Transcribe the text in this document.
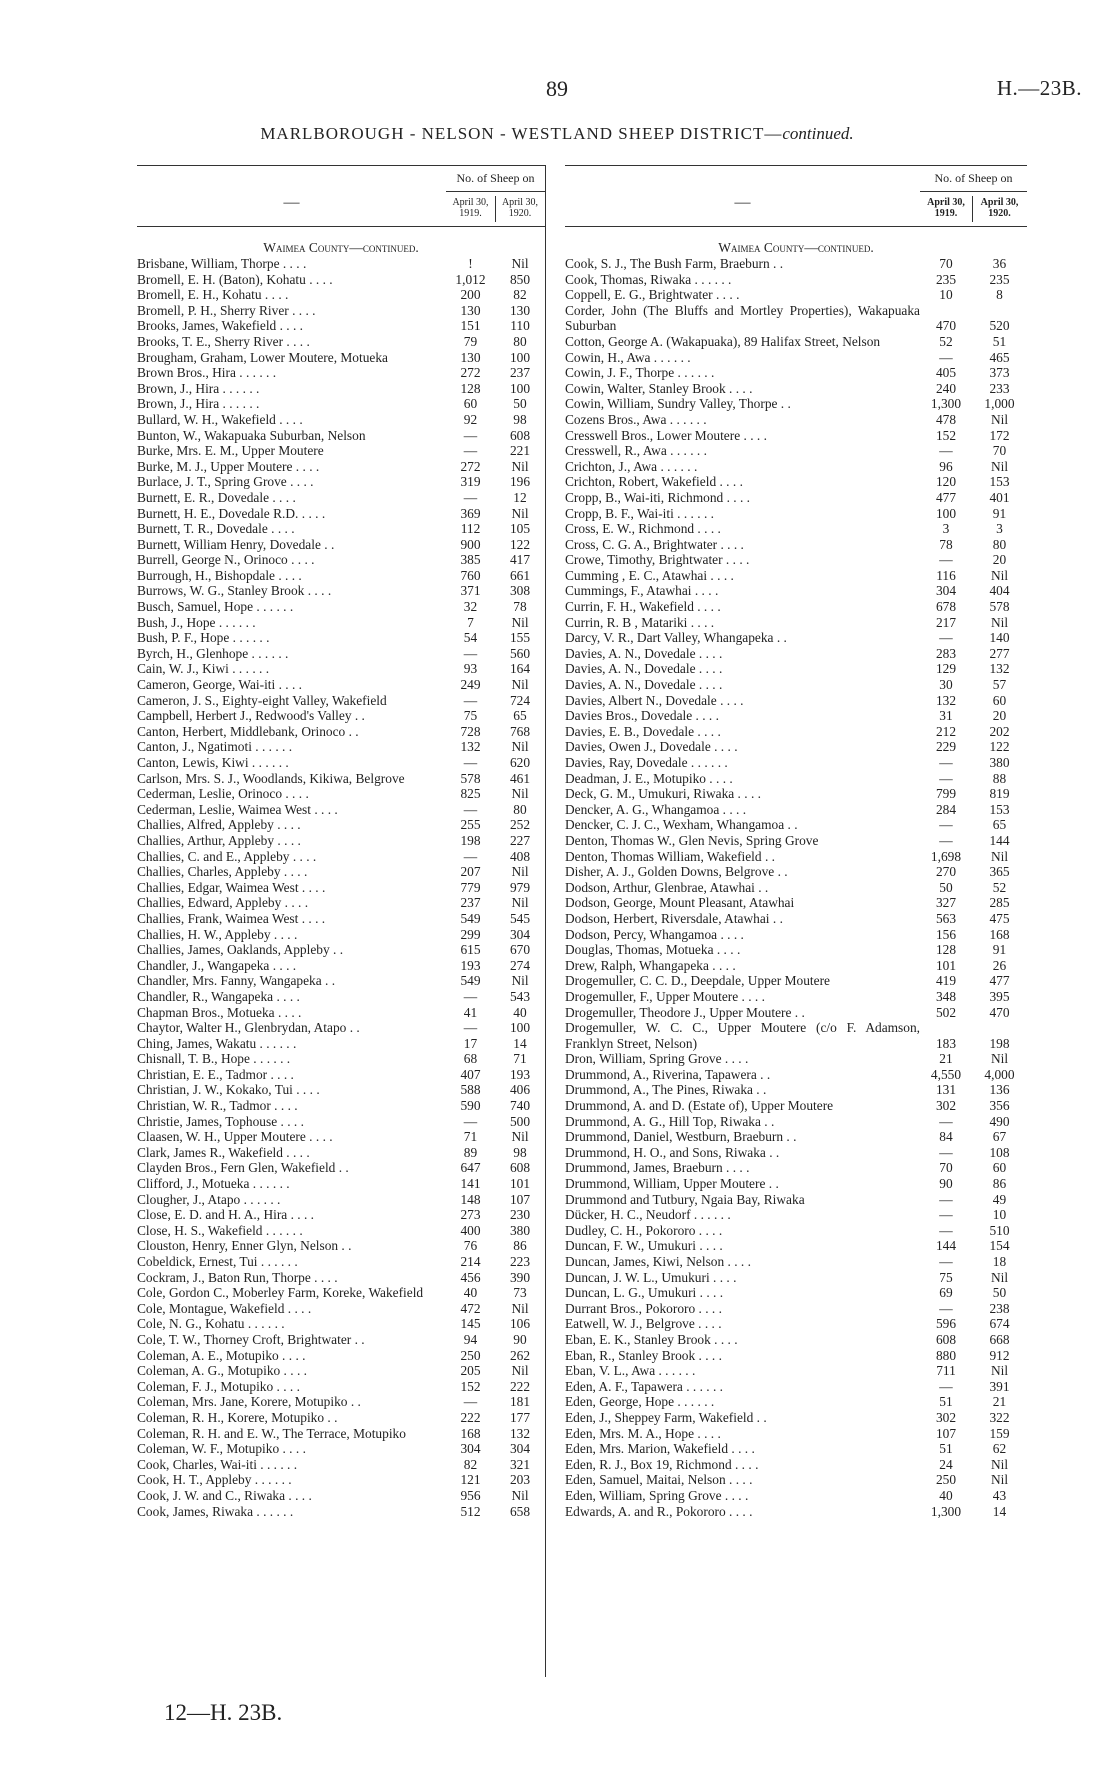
89	H.—23B.
MARLBOROUGH - NELSON - WESTLAND SHEEP DISTRICT—continued.
—
No. of Sheep on
April 30, 1919.
April 30, 1920.
Waimea County—continued.
Brisbane, William, Thorpe . . . .	!	Nil
Bromell, E. H. (Baton), Kohatu . . . .	1,012	850
Bromell, E. H., Kohatu . . . .	200	82
Bromell, P. H., Sherry River . . . .	130	130
Brooks, James, Wakefield . . . .	151	110
Brooks, T. E., Sherry River . . . .	79	80
Brougham, Graham, Lower Moutere, Motueka	130	100
Brown Bros., Hira . . . . . .	272	237
Brown, J., Hira . . . . . .	128	100
Brown, J., Hira . . . . . .	60	50
Bullard, W. H., Wakefield . . . .	92	98
Bunton, W., Wakapuaka Suburban, Nelson	—	608
Burke, Mrs. E. M., Upper Moutere	—	221
Burke, M. J., Upper Moutere . . . .	272	Nil
Burlace, J. T., Spring Grove . . . .	319	196
Burnett, E. R., Dovedale . . . .	—	12
Burnett, H. E., Dovedale R.D. . . . .	369	Nil
Burnett, T. R., Dovedale . . . .	112	105
Burnett, William Henry, Dovedale . .	900	122
Burrell, George N., Orinoco . . . .	385	417
Burrough, H., Bishopdale . . . .	760	661
Burrows, W. G., Stanley Brook . . . .	371	308
Busch, Samuel, Hope . . . . . .	32	78
Bush, J., Hope . . . . . .	7	Nil
Bush, P. F., Hope . . . . . .	54	155
Byrch, H., Glenhope . . . . . .	—	560
Cain, W. J., Kiwi . . . . . .	93	164
Cameron, George, Wai-iti . . . .	249	Nil
Cameron, J. S., Eighty-eight Valley, Wakefield	—	724
Campbell, Herbert J., Redwood's Valley . .	75	65
Canton, Herbert, Middlebank, Orinoco . .	728	768
Canton, J., Ngatimoti . . . . . .	132	Nil
Canton, Lewis, Kiwi . . . . . .	—	620
Carlson, Mrs. S. J., Woodlands, Kikiwa, Belgrove	578	461
Cederman, Leslie, Orinoco . . . .	825	Nil
Cederman, Leslie, Waimea West . . . .	—	80
Challies, Alfred, Appleby . . . .	255	252
Challies, Arthur, Appleby . . . .	198	227
Challies, C. and E., Appleby . . . .	—	408
Challies, Charles, Appleby . . . .	207	Nil
Challies, Edgar, Waimea West . . . .	779	979
Challies, Edward, Appleby . . . .	237	Nil
Challies, Frank, Waimea West . . . .	549	545
Challies, H. W., Appleby . . . .	299	304
Challies, James, Oaklands, Appleby . .	615	670
Chandler, J., Wangapeka . . . .	193	274
Chandler, Mrs. Fanny, Wangapeka . .	549	Nil
Chandler, R., Wangapeka . . . .	—	543
Chapman Bros., Motueka . . . .	41	40
Chaytor, Walter H., Glenbrydan, Atapo . .	—	100
Ching, James, Wakatu . . . . . .	17	14
Chisnall, T. B., Hope . . . . . .	68	71
Christian, E. E., Tadmor . . . .	407	193
Christian, J. W., Kokako, Tui . . . .	588	406
Christian, W. R., Tadmor . . . .	590	740
Christie, James, Tophouse . . . .	—	500
Claasen, W. H., Upper Moutere . . . .	71	Nil
Clark, James R., Wakefield . . . .	89	98
Clayden Bros., Fern Glen, Wakefield . .	647	608
Clifford, J., Motueka . . . . . .	141	101
Clougher, J., Atapo . . . . . .	148	107
Close, E. D. and H. A., Hira . . . .	273	230
Close, H. S., Wakefield . . . . . .	400	380
Clouston, Henry, Enner Glyn, Nelson . .	76	86
Cobeldick, Ernest, Tui . . . . . .	214	223
Cockram, J., Baton Run, Thorpe . . . .	456	390
Cole, Gordon C., Moberley Farm, Koreke, Wakefield	40	73
Cole, Montague, Wakefield . . . .	472	Nil
Cole, N. G., Kohatu . . . . . .	145	106
Cole, T. W., Thorney Croft, Brightwater . .	94	90
Coleman, A. E., Motupiko . . . .	250	262
Coleman, A. G., Motupiko . . . .	205	Nil
Coleman, F. J., Motupiko . . . .	152	222
Coleman, Mrs. Jane, Korere, Motupiko . .	—	181
Coleman, R. H., Korere, Motupiko . .	222	177
Coleman, R. H. and E. W., The Terrace, Motupiko	168	132
Coleman, W. F., Motupiko . . . .	304	304
Cook, Charles, Wai-iti . . . . . .	82	321
Cook, H. T., Appleby . . . . . .	121	203
Cook, J. W. and C., Riwaka . . . .	956	Nil
Cook, James, Riwaka . . . . . .	512	658
—
No. of Sheep on
April 30, 1919.
April 30, 1920.
Waimea County—continued.
Cook, S. J., The Bush Farm, Braeburn . .	70	36
Cook, Thomas, Riwaka . . . . . .	235	235
Coppell, E. G., Brightwater . . . .	10	8
Corder, John (The Bluffs and Mortley Properties), Wakapuaka Suburban	470	520
Cotton, George A. (Wakapuaka), 89 Halifax Street, Nelson	52	51
Cowin, H., Awa . . . . . .	—	465
Cowin, J. F., Thorpe . . . . . .	405	373
Cowin, Walter, Stanley Brook . . . .	240	233
Cowin, William, Sundry Valley, Thorpe . .	1,300	1,000
Cozens Bros., Awa . . . . . .	478	Nil
Cresswell Bros., Lower Moutere . . . .	152	172
Cresswell, R., Awa . . . . . .	—	70
Crichton, J., Awa . . . . . .	96	Nil
Crichton, Robert, Wakefield . . . .	120	153
Cropp, B., Wai-iti, Richmond . . . .	477	401
Cropp, B. F., Wai-iti . . . . . .	100	91
Cross, E. W., Richmond . . . .	3	3
Cross, C. G. A., Brightwater . . . .	78	80
Crowe, Timothy, Brightwater . . . .	—	20
Cumming , E. C., Atawhai . . . .	116	Nil
Cummings, F., Atawhai . . . .	304	404
Currin, F. H., Wakefield . . . .	678	578
Currin, R. B , Matariki . . . .	217	Nil
Darcy, V. R., Dart Valley, Whangapeka . .	—	140
Davies, A. N., Dovedale . . . .	283	277
Davies, A. N., Dovedale . . . .	129	132
Davies, A. N., Dovedale . . . .	30	57
Davies, Albert N., Dovedale . . . .	132	60
Davies Bros., Dovedale . . . .	31	20
Davies, E. B., Dovedale . . . .	212	202
Davies, Owen J., Dovedale . . . .	229	122
Davies, Ray, Dovedale . . . . . .	—	380
Deadman, J. E., Motupiko . . . .	—	88
Deck, G. M., Umukuri, Riwaka . . . .	799	819
Dencker, A. G., Whangamoa . . . .	284	153
Dencker, C. J. C., Wexham, Whangamoa . .	—	65
Denton, Thomas W., Glen Nevis, Spring Grove	—	144
Denton, Thomas William, Wakefield . .	1,698	Nil
Disher, A. J., Golden Downs, Belgrove . .	270	365
Dodson, Arthur, Glenbrae, Atawhai . .	50	52
Dodson, George, Mount Pleasant, Atawhai	327	285
Dodson, Herbert, Riversdale, Atawhai . .	563	475
Dodson, Percy, Whangamoa . . . .	156	168
Douglas, Thomas, Motueka . . . .	128	91
Drew, Ralph, Whangapeka . . . .	101	26
Drogemuller, C. C. D., Deepdale, Upper Moutere	419	477
Drogemuller, F., Upper Moutere . . . .	348	395
Drogemuller, Theodore J., Upper Moutere . .	502	470
Drogemuller, W. C. C., Upper Moutere (c/o F. Adamson, Franklyn Street, Nelson)	183	198
Dron, William, Spring Grove . . . .	21	Nil
Drummond, A., Riverina, Tapawera . .	4,550	4,000
Drummond, A., The Pines, Riwaka . .	131	136
Drummond, A. and D. (Estate of), Upper Moutere	302	356
Drummond, A. G., Hill Top, Riwaka . .	—	490
Drummond, Daniel, Westburn, Braeburn . .	84	67
Drummond, H. O., and Sons, Riwaka . .	—	108
Drummond, James, Braeburn . . . .	70	60
Drummond, William, Upper Moutere . .	90	86
Drummond and Tutbury, Ngaia Bay, Riwaka	—	49
Dücker, H. C., Neudorf . . . . . .	—	10
Dudley, C. H., Pokororo . . . .	—	510
Duncan, F. W., Umukuri . . . .	144	154
Duncan, James, Kiwi, Nelson . . . .	—	18
Duncan, J. W. L., Umukuri . . . .	75	Nil
Duncan, L. G., Umukuri . . . .	69	50
Durrant Bros., Pokororo . . . .	—	238
Eatwell, W. J., Belgrove . . . .	596	674
Eban, E. K., Stanley Brook . . . .	608	668
Eban, R., Stanley Brook . . . .	880	912
Eban, V. L., Awa . . . . . .	711	Nil
Eden, A. F., Tapawera . . . . . .	—	391
Eden, George, Hope . . . . . .	51	21
Eden, J., Sheppey Farm, Wakefield . .	302	322
Eden, Mrs. M. A., Hope . . . .	107	159
Eden, Mrs. Marion, Wakefield . . . .	51	62
Eden, R. J., Box 19, Richmond . . . .	24	Nil
Eden, Samuel, Maitai, Nelson . . . .	250	Nil
Eden, William, Spring Grove . . . .	40	43
Edwards, A. and R., Pokororo . . . .	1,300	14
12—H. 23B.
